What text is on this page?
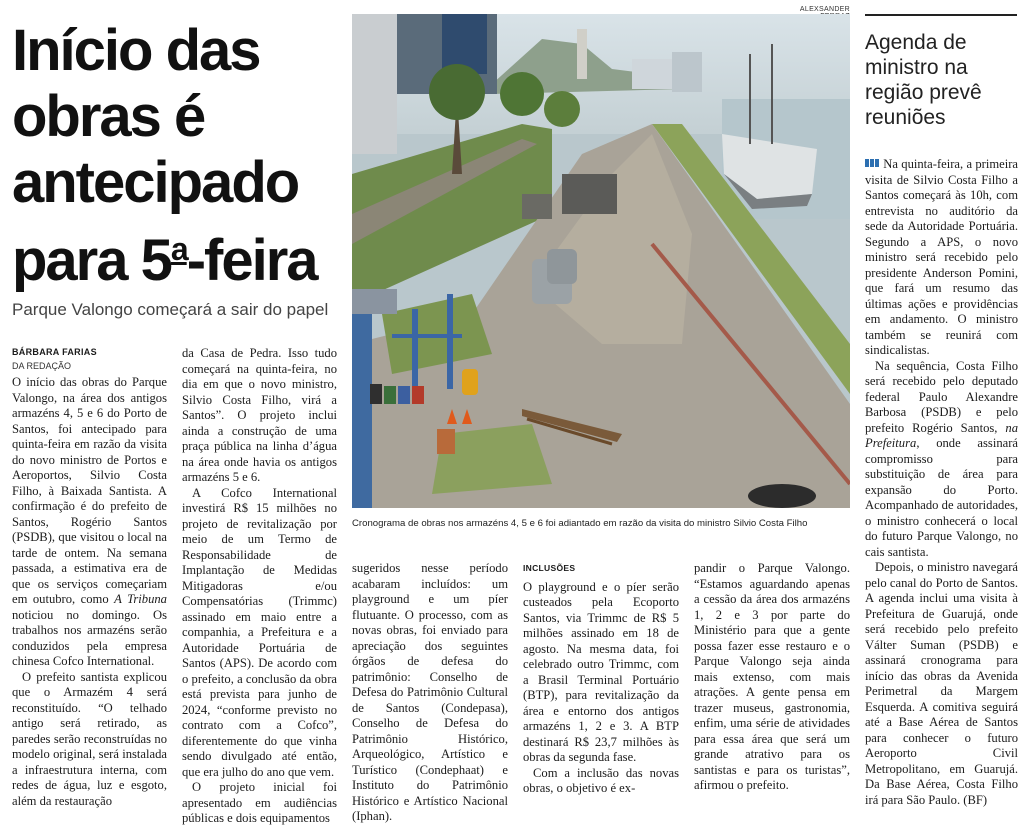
Início das
obras é
antecipado
para 5$^a$-feira
Parque Valongo começará a sair do papel
BÁRBARA FARIAS
DA REDAÇÃO

O início das obras do Parque Valongo, na área dos antigos armazéns 4, 5 e 6 do Porto de Santos, foi antecipado para quinta-feira em razão da visita do novo ministro de Portos e Aeroportos, Silvio Costa Filho, à Baixada Santista. A confirmação é do prefeito de Santos, Rogério Santos (PSDB), que visitou o local na tarde de ontem. Na semana passada, a estimativa era de que os serviços começariam em outubro, como A Tribuna noticiou no domingo. Os trabalhos nos armazéns serão conduzidos pela empresa chinesa Cofco International.

O prefeito santista explicou que o Armazém 4 será reconstituído. “O telhado antigo será retirado, as paredes serão reconstruídas no modelo original, será instalada a infraestrutura interna, com redes de água, luz e esgoto, além da restauração

da Casa de Pedra. Isso tudo começará na quinta-feira, no dia em que o novo ministro, Silvio Costa Filho, virá a Santos”. O projeto inclui ainda a construção de uma praça pública na linha d’água na área onde havia os antigos armazéns 5 e 6.

A Cofco International investirá R$ 15 milhões no projeto de revitalização por meio de um Termo de Responsabilidade de Implantação de Medidas Mitigadoras e/ou Compensatórias (Trimmc) assinado em maio entre a companhia, a Prefeitura e a Autoridade Portuária de Santos (APS). De acordo com o prefeito, a conclusão da obra está prevista para junho de 2024, “conforme previsto no contrato com a Cofco”, diferentemente do que vinha sendo divulgado até então, que era julho do ano que vem.

O projeto inicial foi apresentado em audiências públicas e dois equipamentos

ALEXSANDER
Cronograma de obras nos armazéns 4, 5 e 6 foi adiantado em razão da visita do ministro Silvio Costa Filho

sugeridos nesse período acabaram incluídos: um playground e um píer flutuante. O processo, com as novas obras, foi enviado para apreciação dos seguintes órgãos de defesa do patrimônio: Conselho de Defesa do Patrimônio Cultural de Santos (Condepasa), Conselho de Defesa do Patrimônio Histórico, Arqueológico, Artístico e Turístico (Condephaat) e Instituto do Patrimônio Histórico e Artístico Nacional (Iphan).

INCLUSÕES

O playground e o píer serão custeados pela Ecoporto Santos, via Trimmc de R$ 5 milhões assinado em 18 de agosto. Na mesma data, foi celebrado outro Trimmc, com a Brasil Terminal Portuário (BTP), para revitalização da área e entorno dos antigos armazéns 1, 2 e 3. A BTP destinará R$ 23,7 milhões às obras da segunda fase.

Com a inclusão das novas obras, o objetivo é ex-

pandir o Parque Valongo. “Estamos aguardando apenas a cessão da área dos armazéns 1, 2 e 3 por parte do Ministério para que a gente possa fazer esse restauro e o Parque Valongo seja ainda mais extenso, com mais atrações. A gente pensa em trazer museus, gastronomia, enfim, uma série de atividades para essa área que será um grande atrativo para os santistas e para os turistas”, afirmou o prefeito.

Agenda de ministro na região prevê reuniões

Na quinta-feira, a primeira visita de Silvio Costa Filho a Santos começará às 10h, com entrevista no auditório da sede da Autoridade Portuária. Segundo a APS, o novo ministro será recebido pelo presidente Anderson Pomini, que fará um resumo das últimas ações e providências em andamento. O ministro também se reunirá com sindicalistas.

Na sequência, Costa Filho será recebido pelo deputado federal Paulo Alexandre Barbosa (PSDB) e pelo prefeito Rogério Santos, na Prefeitura, onde assinará compromisso para substituição de área para expansão do Porto. Acompanhado de autoridades, o ministro conhecerá o local do futuro Parque Valongo, no cais santista.

Depois, o ministro navegará pelo canal do Porto de Santos. A agenda inclui uma visita à Prefeitura de Guarujá, onde será recebido pelo prefeito Válter Suman (PSDB) e assinará cronograma para início das obras da Avenida Perimetral da Margem Esquerda. A comitiva seguirá até a Base Aérea de Santos para conhecer o futuro Aeroporto Civil Metropolitano, em Guarujá. Da Base Aérea, Costa Filho irá para São Paulo. (BF)
